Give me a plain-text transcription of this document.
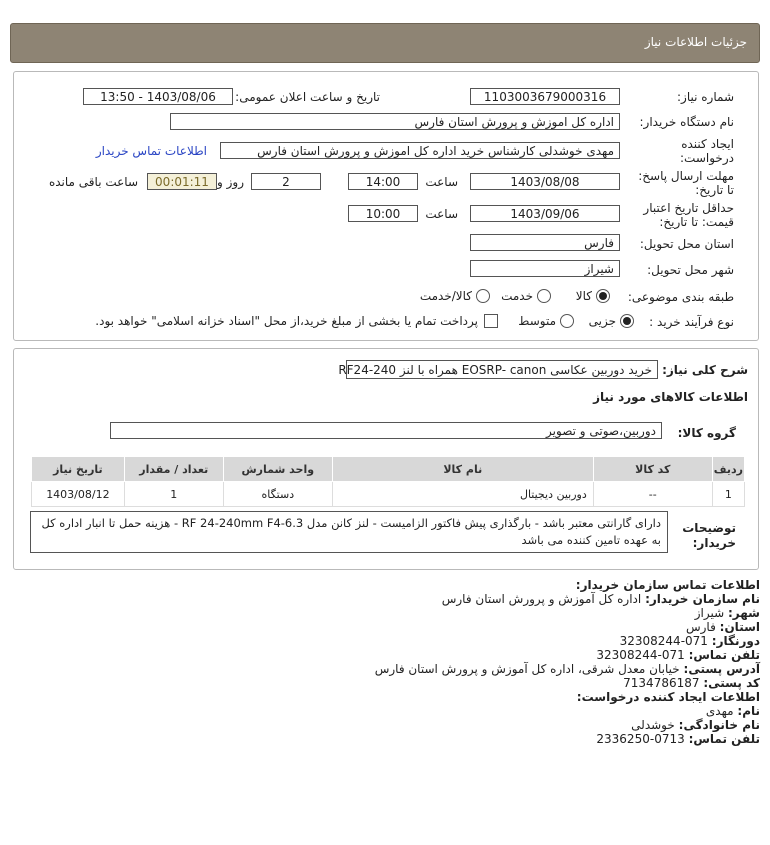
جزئیات اطلاعات نیاز
شماره نیاز:
1103003679000316
تاریخ و ساعت اعلان عمومی:
1403/08/06 - 13:50
نام دستگاه خریدار:
اداره کل اموزش و پرورش استان فارس
ایجاد کننده
درخواست:
مهدی خوشدلی کارشناس خرید اداره کل اموزش و پرورش استان فارس
اطلاعات تماس خریدار
مهلت ارسال پاسخ:
تا تاریخ:
1403/08/08
ساعت
14:00
2
روز و
00:01:11
ساعت باقی مانده
حداقل تاریخ اعتبار
قیمت: تا تاریخ:
1403/09/06
ساعت
10:00
استان محل تحویل:
فارس
شهر محل تحویل:
شیراز
طبقه بندی موضوعی:
کالا
خدمت
کالا/خدمت
نوع فرآیند خرید :
جزیی
متوسط
پرداخت تمام یا بخشی از مبلغ خرید،از محل "اسناد خزانه اسلامی" خواهد بود.
شرح کلی نیاز:
خرید دوربین عکاسی EOSRP- canon همراه با لنز RF24-240
اطلاعات کالاهای مورد نیاز
گروه کالا:
دوربین،صوتی و تصویر
ردیف	کد کالا	نام کالا	واحد شمارش	تعداد / مقدار	تاریخ نیاز
1	--	دوربین دیجیتال	دستگاه	1	1403/08/12
توضیحات
خریدار:
دارای گارانتی معتبر باشد - بارگذاری پیش فاکتور الزامیست - لنز کانن مدل RF 24-240mm F4-6.3 - هزینه حمل تا انبار اداره کل به عهده تامین کننده می باشد
اطلاعات تماس سازمان خریدار:
نام سازمان خریدار: اداره کل آموزش و پرورش استان فارس
شهر: شیراز
استان: فارس
دورنگار: 071-32308244
تلفن تماس: 071-32308244
آدرس پستی: خیابان معدل شرقی، اداره کل آموزش و پرورش استان فارس
کد پستی: 7134786187
اطلاعات ایجاد کننده درخواست:
نام: مهدی
نام خانوادگی: خوشدلی
تلفن تماس: 0713-2336250
